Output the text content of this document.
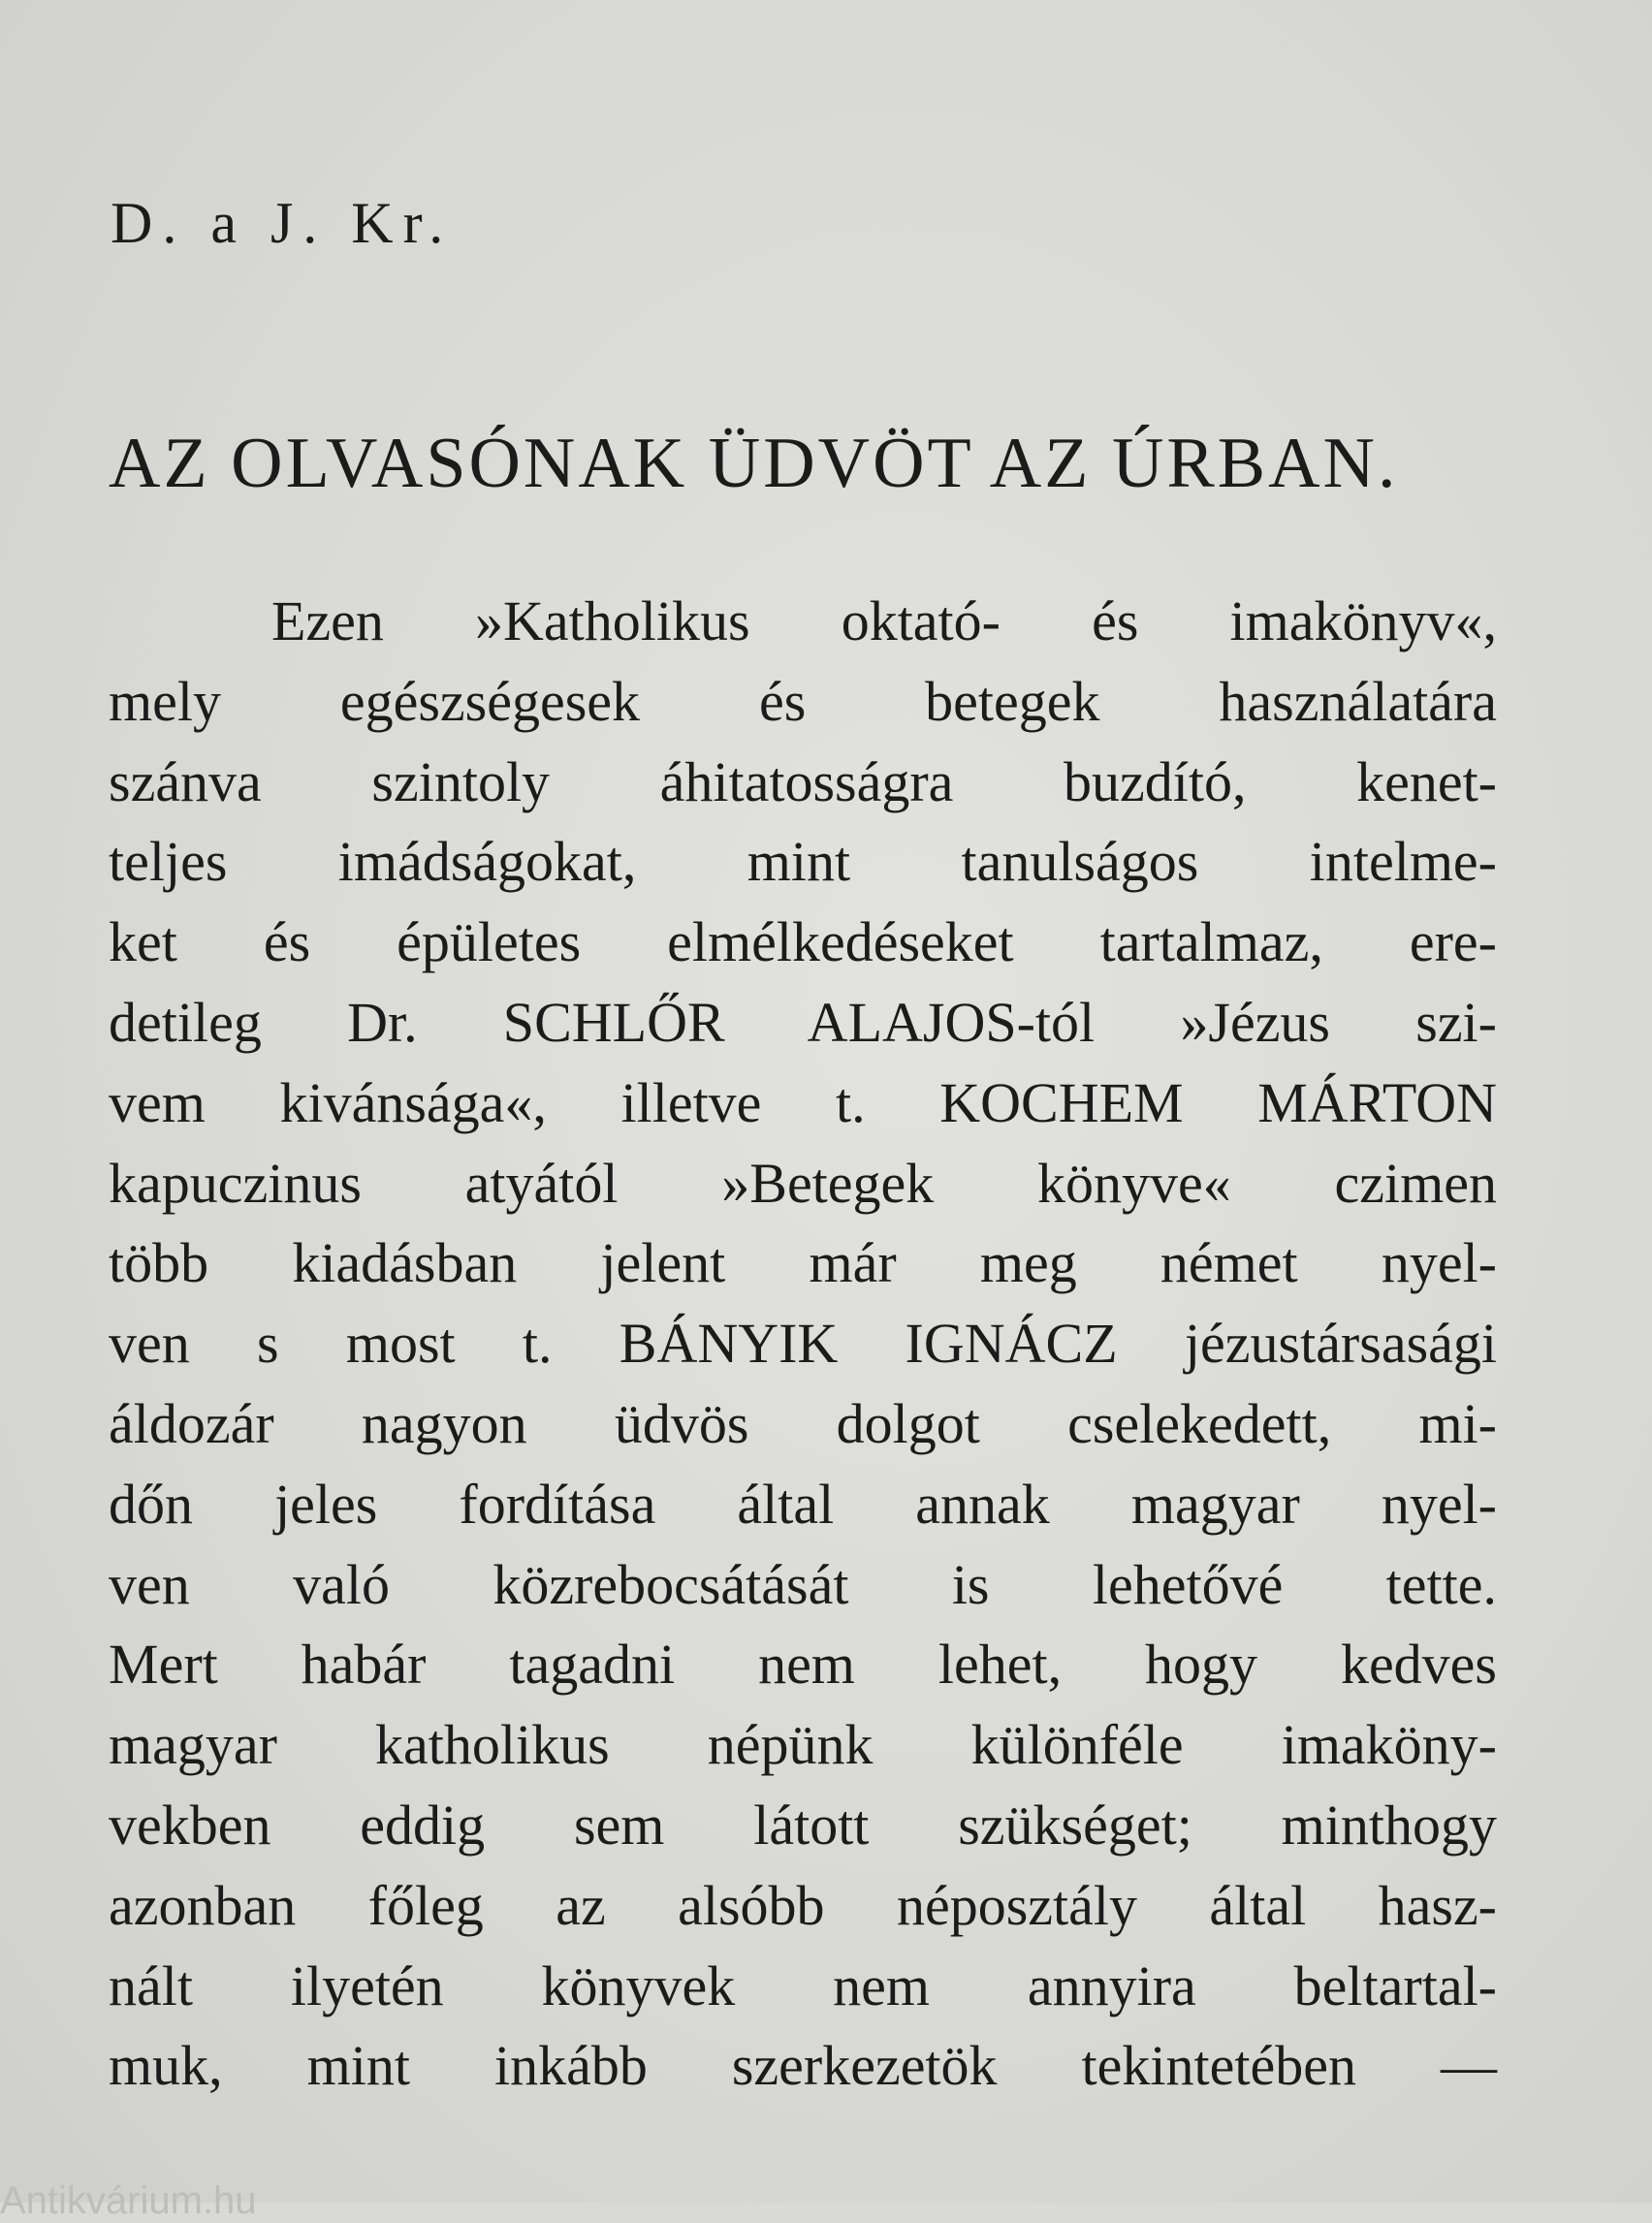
D. a J. Kr.
AZ OLVASÓNAK ÜDVÖT AZ ÚRBAN.
Ezen »Katholikus oktató- és imakönyv«,
mely egészségesek és betegek használatára
szánva szintoly áhitatosságra buzdító, kenet-
teljes imádságokat, mint tanulságos intelme-
ket és épületes elmélkedéseket tartalmaz, ere-
detileg Dr. SCHLŐR ALAJOS-tól »Jézus szi-
vem kivánsága«, illetve t. KOCHEM MÁRTON
kapuczinus atyától »Betegek könyve« czimen
több kiadásban jelent már meg német nyel-
ven s most t. BÁNYIK IGNÁCZ jézustársasági
áldozár nagyon üdvös dolgot cselekedett, mi-
dőn jeles fordítása által annak magyar nyel-
ven való közrebocsátását is lehetővé tette.
Mert habár tagadni nem lehet, hogy kedves
magyar katholikus népünk különféle imaköny-
vekben eddig sem látott szükséget; minthogy
azonban főleg az alsóbb néposztály által hasz-
nált ilyetén könyvek nem annyira beltartal-
muk, mint inkább szerkezetök tekintetében —
Antikvárium.hu
